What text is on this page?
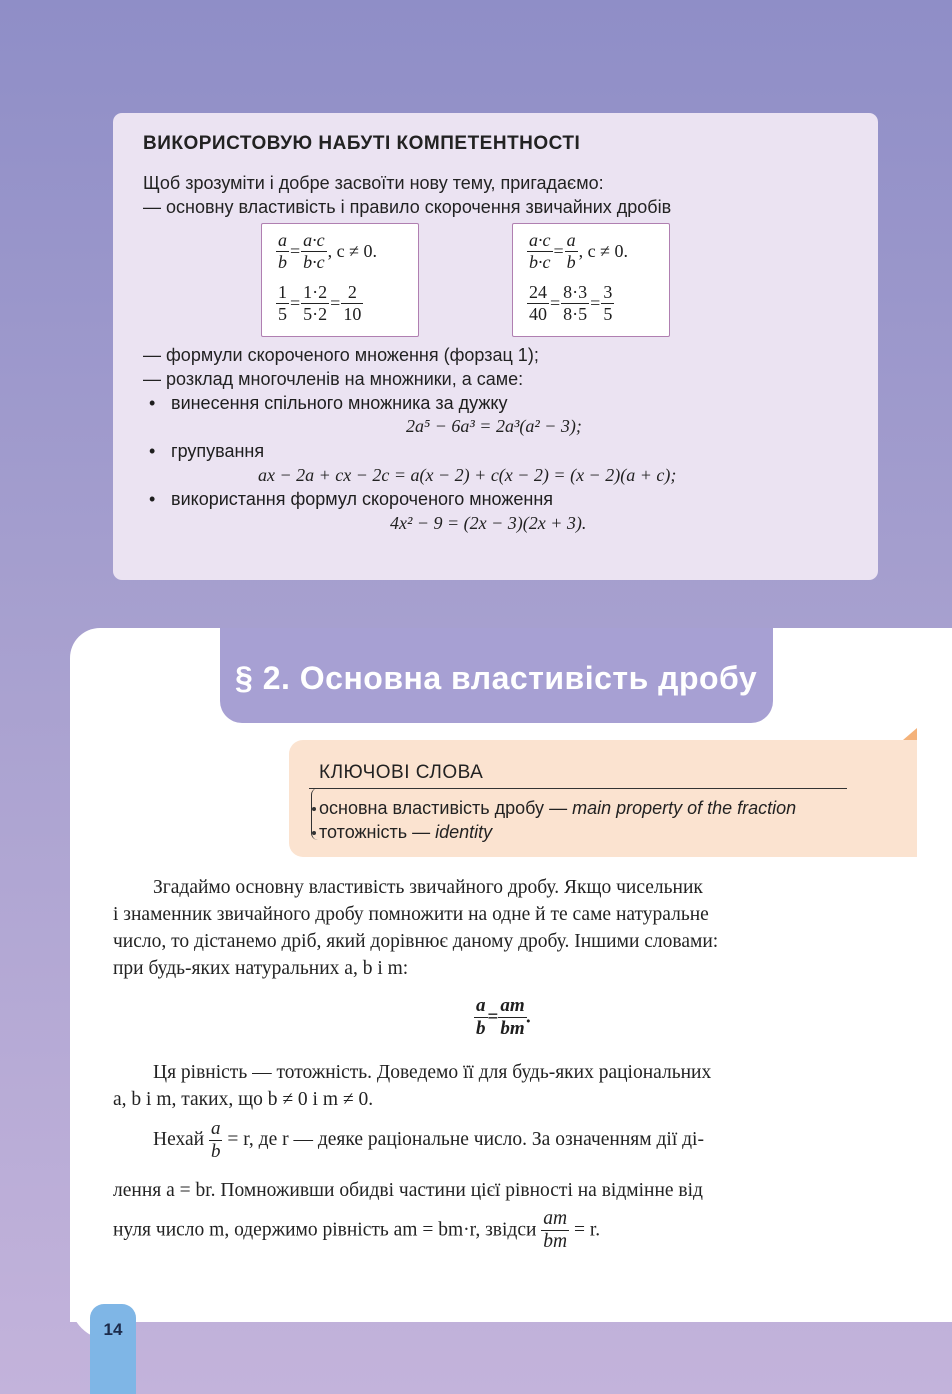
ВИКОРИСТОВУЮ НАБУТІ КОМПЕТЕНТНОСТІ
Щоб зрозуміти і добре засвоїти нову тему, пригадаємо:
— основну властивість і правило скорочення звичайних дробів
$\frac{a}{b} = \frac{a\cdot c}{b\cdot c}$ , c ≠ 0.
$\frac{1}{5} = \frac{1\cdot 2}{5\cdot 2} = \frac{2}{10}$
$\frac{a\cdot c}{b\cdot c} = \frac{a}{b}$ , c ≠ 0.
$\frac{24}{40} = \frac{8\cdot 3}{8\cdot 5} = \frac{3}{5}$
— формули скороченого множення (форзац 1);
— розклад многочленів на множники, а саме:
• винесення спільного множника за дужку
2a⁵ − 6a³ = 2a³(a² − 3);
• групування
ax − 2a + cx − 2c = a(x − 2) + c(x − 2) = (x − 2)(a + c);
• використання формул скороченого множення
4x² − 9 = (2x − 3)(2x + 3).
§ 2. Основна властивість дробу
КЛЮЧОВІ СЛОВА
основна властивість дробу — main property of the fraction
тотожність — identity
Згадаймо основну властивість звичайного дробу. Якщо чисельник
і знаменник звичайного дробу помножити на одне й те саме натуральне
число, то дістанемо дріб, який дорівнює даному дробу. Іншими словами:
при будь-яких натуральних a, b і m:
$\frac{a}{b} = \frac{am}{bm}$ .
Ця рівність — тотожність. Доведемо її для будь-яких раціональних
a, b і m, таких, що b ≠ 0 і m ≠ 0.
Нехай $\frac{a}{b} = r$, де r — деяке раціональне число. За означенням дії ді-
лення a = br. Помноживши обидві частини цієї рівності на відмінне від
нуля число m, одержимо рівність am = bm·r, звідси $\frac{am}{bm} = r$.
14
